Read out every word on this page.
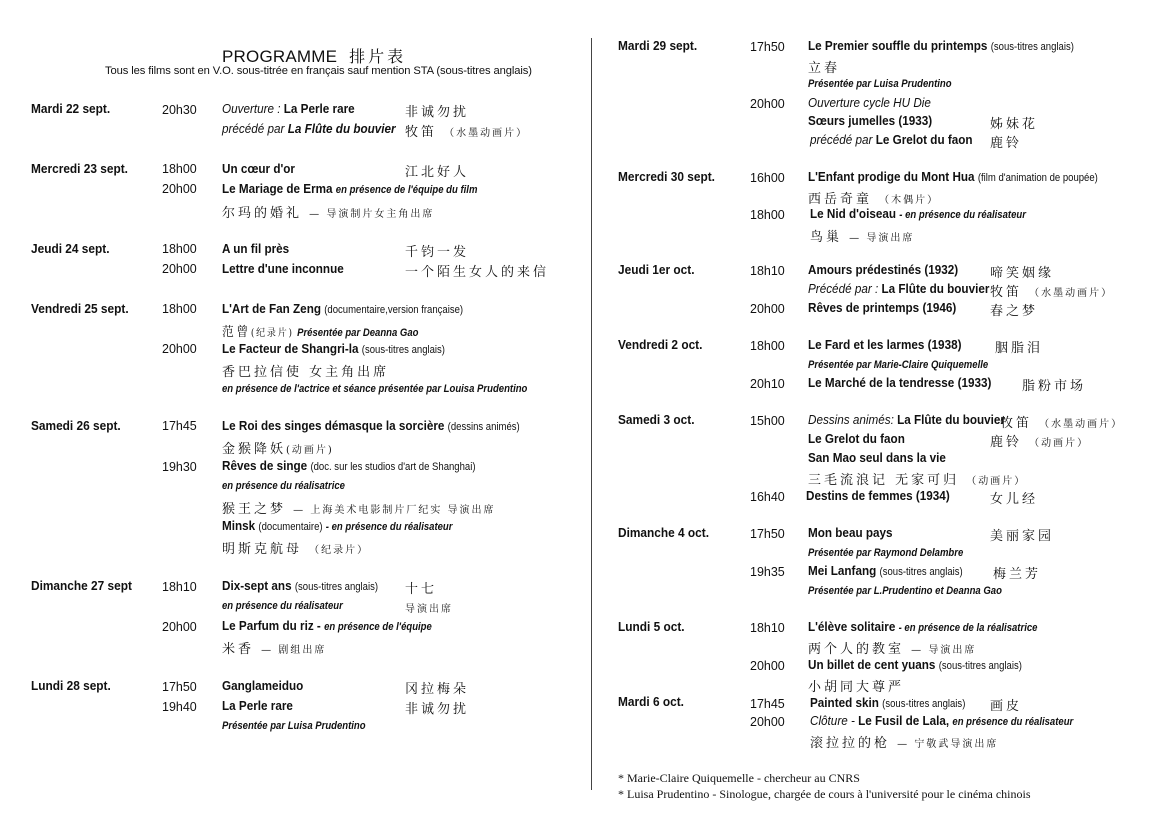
PROGRAMME 排片表
Tous les films sont en V.O. sous-titrée en français sauf mention STA (sous-titres anglais)
Mardi 22 sept.	20h30 Ouverture : La Perle rare	非诚勿扰
précédé par La Flûte du bouvier 牧笛 （水墨动画片）
Mercredi 23 sept.	18h00 Un cœur d'or	江北好人
20h00 Le Mariage de Erma en présence de l'équipe du film
尔玛的婚礼 — 导演制片女主角出席
Jeudi 24 sept.	18h00 A un fil près	千钧一发
20h00 Lettre d'une inconnue	一个陌生女人的来信
Vendredi 25 sept.	18h00 L'Art de Fan Zeng (documentaire,version française)
范曾(纪录片) Présentée par Deanna Gao
20h00 Le Facteur de Shangri-la (sous-titres anglais)
香巴拉信使 女主角出席
en présence de l'actrice et séance présentée par Louisa Prudentino
Samedi 26 sept.	17h45 Le Roi des singes démasque la sorcière (dessins animés)
金猴降妖(动画片)
19h30 Rêves de singe (doc. sur les studios d'art de Shanghai)
en présence du réalisatrice
猴王之梦 — 上海美术电影制片厂纪实 导演出席
Minsk (documentaire) - en présence du réalisateur
明斯克航母 （纪录片）
Dimanche 27 sept 18h10 Dix-sept ans (sous-titres anglais) 十七
en présence du réalisateur	导演出席
20h00 Le Parfum du riz - en présence de l'équipe
米香 — 剧组出席
Lundi 28 sept.	17h50 Ganglameiduo	冈拉梅朵
19h40 La Perle rare	非诚勿扰
Présentée par Luisa Prudentino
Mardi 29 sept.	17h50 Le Premier souffle du printemps (sous-titres anglais)
立春
Présentée par Luisa Prudentino
20h00 Ouverture cycle HU Die
Sœurs jumelles (1933)	姊妹花
précédé par Le Grelot du faon 鹿铃
Mercredi 30 sept.	16h00 L'Enfant prodige du Mont Hua (film d'animation de poupée)
西岳奇童 （木偶片）
18h00 Le Nid d'oiseau - en présence du réalisateur
鸟巢 — 导演出席
Jeudi 1er oct.	18h10 Amours prédestinés (1932) 啼笑姻缘
Précédé par : La Flûte du bouvier 牧笛 （水墨动画片）
20h00 Rêves de printemps (1946)	春之梦
Vendredi 2 oct.	18h00 Le Fard et les larmes (1938)	胭脂泪
Présentée par Marie-Claire Quiquemelle
20h10 Le Marché de la tendresse (1933) 脂粉市场
Samedi 3 oct.	15h00 Dessins animés: La Flûte du bouvier
牧笛 （水墨动画片）
Le Grelot du faon	鹿铃 （动画片）
San Mao seul dans la vie
三毛流浪记 无家可归 （动画片）
16h40 Destins de femmes (1934)	女儿经
Dimanche 4 oct.	17h50 Mon beau pays	美丽家园
Présentée par Raymond Delambre
19h35 Mei Lanfang (sous-titres anglais) 梅兰芳
Présentée par L.Prudentino et Deanna Gao
Lundi 5 oct.	18h10 L'élève solitaire - en présence de la réalisatrice
两个人的教室 — 导演出席
20h00 Un billet de cent yuans (sous-titres anglais)
小胡同大尊严
Mardi 6 oct.	17h45 Painted skin (sous-titres anglais) 画皮
20h00 Clôture - Le Fusil de Lala, en présence du réalisateur
滚拉拉的枪 — 宁敬武导演出席
* Marie-Claire Quiquemelle - chercheur au CNRS
* Luisa Prudentino - Sinologue, chargée de cours à l'université pour le cinéma chinois
